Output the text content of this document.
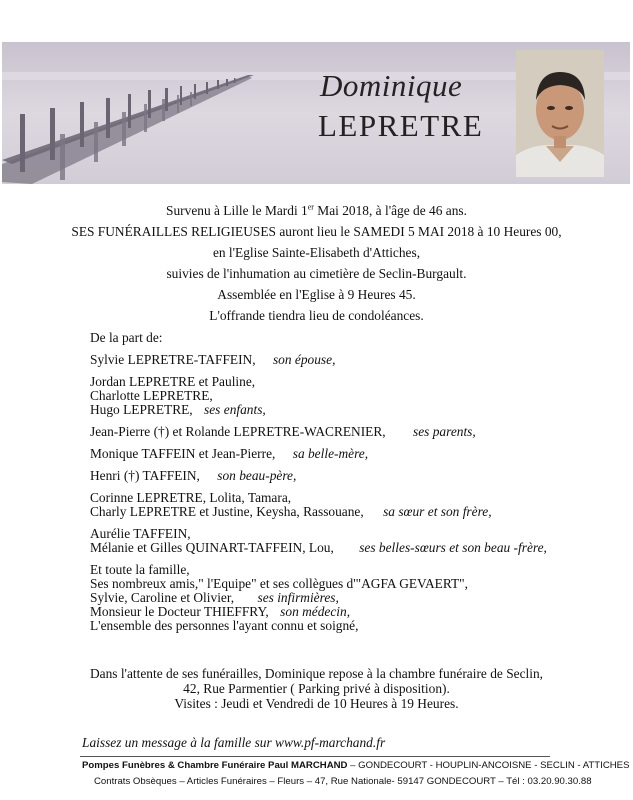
Dominique
LEPRETRE
Survenu à Lille le Mardi 1er Mai 2018, à l'âge de 46 ans.
SES FUNÉRAILLES RELIGIEUSES auront lieu le SAMEDI 5 MAI 2018 à 10 Heures 00,
en l'Eglise Sainte-Elisabeth d'Attiches,
suivies de l'inhumation au cimetière de Seclin-Burgault.
Assemblée en l'Eglise à 9 Heures 45.
L'offrande tiendra lieu de condoléances.
De la part de:
Sylvie LEPRETRE-TAFFEIN, son épouse,
Jordan LEPRETRE et Pauline,
Charlotte LEPRETRE,
Hugo LEPRETRE, ses enfants,
Jean-Pierre (†) et Rolande LEPRETRE-WACRENIER, ses parents,
Monique TAFFEIN et Jean-Pierre, sa belle-mère,
Henri (†) TAFFEIN, son beau-père,
Corinne LEPRETRE, Lolita, Tamara,
Charly LEPRETRE et Justine, Keysha, Rassouane, sa sœur et son frère,
Aurélie TAFFEIN,
Mélanie et Gilles QUINART-TAFFEIN, Lou, ses belles-sœurs et son beau -frère,
Et toute la famille,
Ses nombreux amis," l'Equipe" et ses collègues d'"AGFA GEVAERT",
Sylvie, Caroline et Olivier, ses infirmières,
Monsieur le Docteur THIEFFRY, son médecin,
L'ensemble des personnes l'ayant connu et soigné,
Dans l'attente de ses funérailles, Dominique repose à la chambre funéraire de Seclin,
42, Rue Parmentier ( Parking privé à disposition).
Visites : Jeudi et Vendredi de 10 Heures à 19 Heures.
Laissez un message à la famille sur www.pf-marchand.fr
Pompes Funèbres & Chambre Funéraire Paul MARCHAND – GONDECOURT - HOUPLIN-ANCOISNE - SECLIN - ATTICHES
Contrats Obsèques – Articles Funéraires – Fleurs – 47, Rue Nationale- 59147 GONDECOURT – Tél : 03.20.90.30.88
